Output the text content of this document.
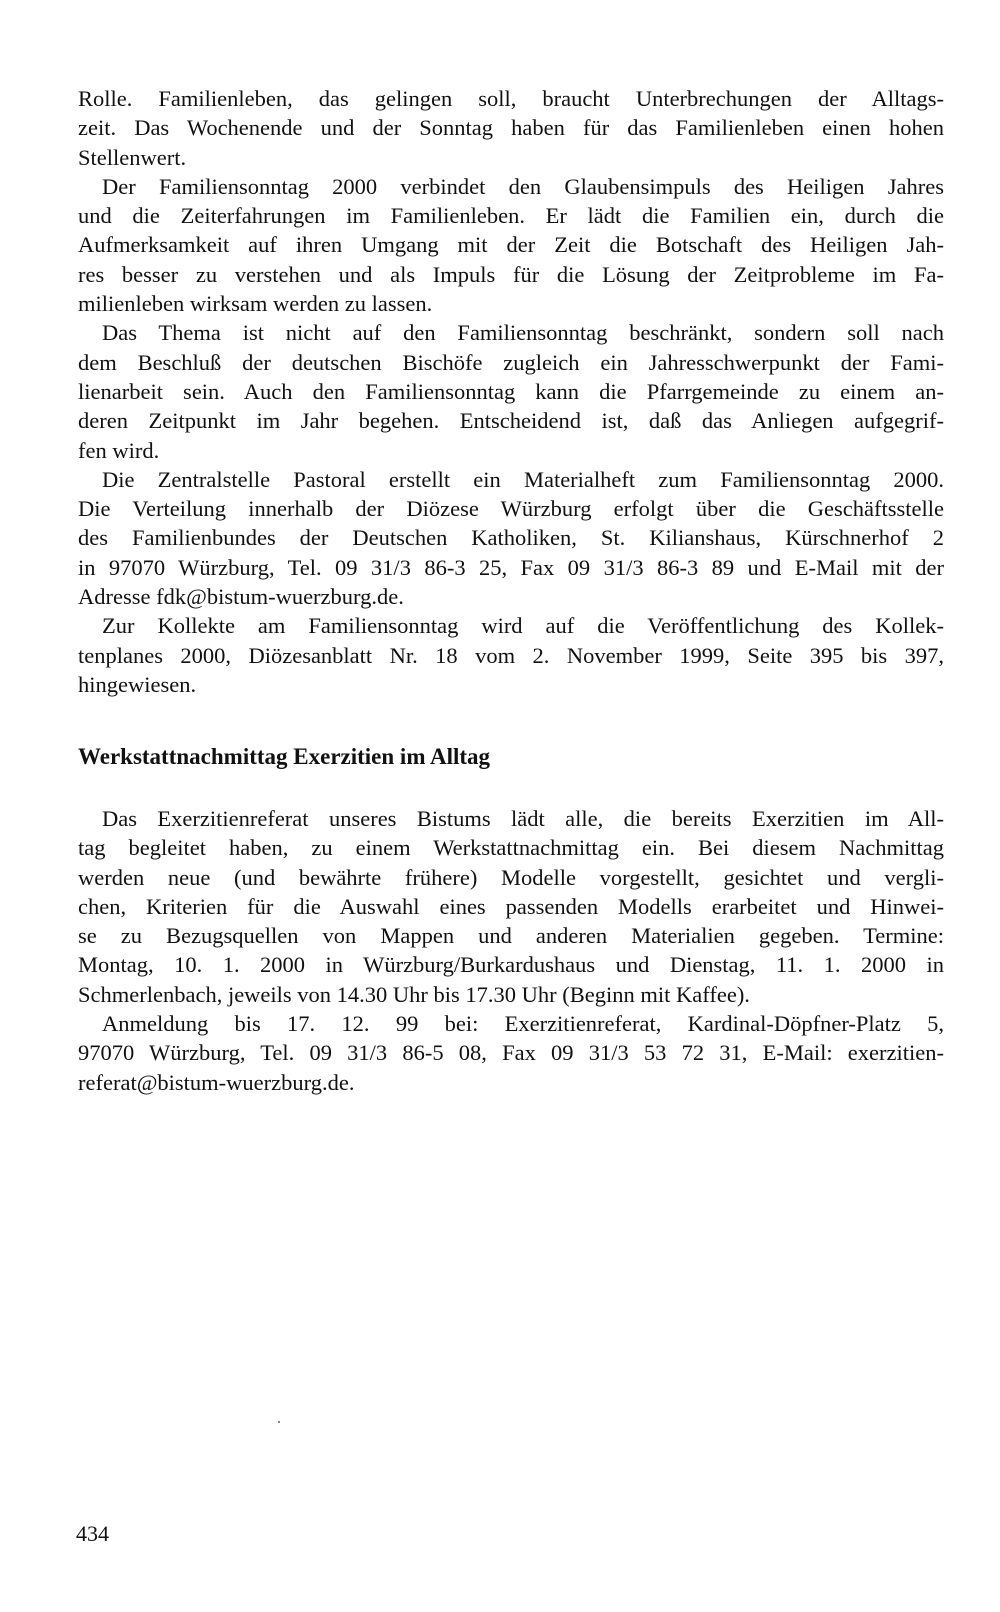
Rolle. Familienleben, das gelingen soll, braucht Unterbrechungen der Alltags-
zeit. Das Wochenende und der Sonntag haben für das Familienleben einen hohen
Stellenwert.
Der Familiensonntag 2000 verbindet den Glaubensimpuls des Heiligen Jahres
und die Zeiterfahrungen im Familienleben. Er lädt die Familien ein, durch die
Aufmerksamkeit auf ihren Umgang mit der Zeit die Botschaft des Heiligen Jah-
res besser zu verstehen und als Impuls für die Lösung der Zeitprobleme im Fa-
milienleben wirksam werden zu lassen.
Das Thema ist nicht auf den Familiensonntag beschränkt, sondern soll nach
dem Beschluß der deutschen Bischöfe zugleich ein Jahresschwerpunkt der Fami-
lienarbeit sein. Auch den Familiensonntag kann die Pfarrgemeinde zu einem an-
deren Zeitpunkt im Jahr begehen. Entscheidend ist, daß das Anliegen aufgegrif-
fen wird.
Die Zentralstelle Pastoral erstellt ein Materialheft zum Familiensonntag 2000.
Die Verteilung innerhalb der Diözese Würzburg erfolgt über die Geschäftsstelle
des Familienbundes der Deutschen Katholiken, St. Kilianshaus, Kürschnerhof 2
in 97070 Würzburg, Tel. 09 31/3 86-3 25, Fax 09 31/3 86-3 89 und E-Mail mit der
Adresse fdk@bistum-wuerzburg.de.
Zur Kollekte am Familiensonntag wird auf die Veröffentlichung des Kollek-
tenplanes 2000, Diözesanblatt Nr. 18 vom 2. November 1999, Seite 395 bis 397,
hingewiesen.
Werkstattnachmittag Exerzitien im Alltag
Das Exerzitienreferat unseres Bistums lädt alle, die bereits Exerzitien im All-
tag begleitet haben, zu einem Werkstattnachmittag ein. Bei diesem Nachmittag
werden neue (und bewährte frühere) Modelle vorgestellt, gesichtet und vergli-
chen, Kriterien für die Auswahl eines passenden Modells erarbeitet und Hinwei-
se zu Bezugsquellen von Mappen und anderen Materialien gegeben. Termine:
Montag, 10. 1. 2000 in Würzburg/Burkardushaus und Dienstag, 11. 1. 2000 in
Schmerlenbach, jeweils von 14.30 Uhr bis 17.30 Uhr (Beginn mit Kaffee).
Anmeldung bis 17. 12. 99 bei: Exerzitienreferat, Kardinal-Döpfner-Platz 5,
97070 Würzburg, Tel. 09 31/3 86-5 08, Fax 09 31/3 53 72 31, E-Mail: exerzitien-
referat@bistum-wuerzburg.de.
434
